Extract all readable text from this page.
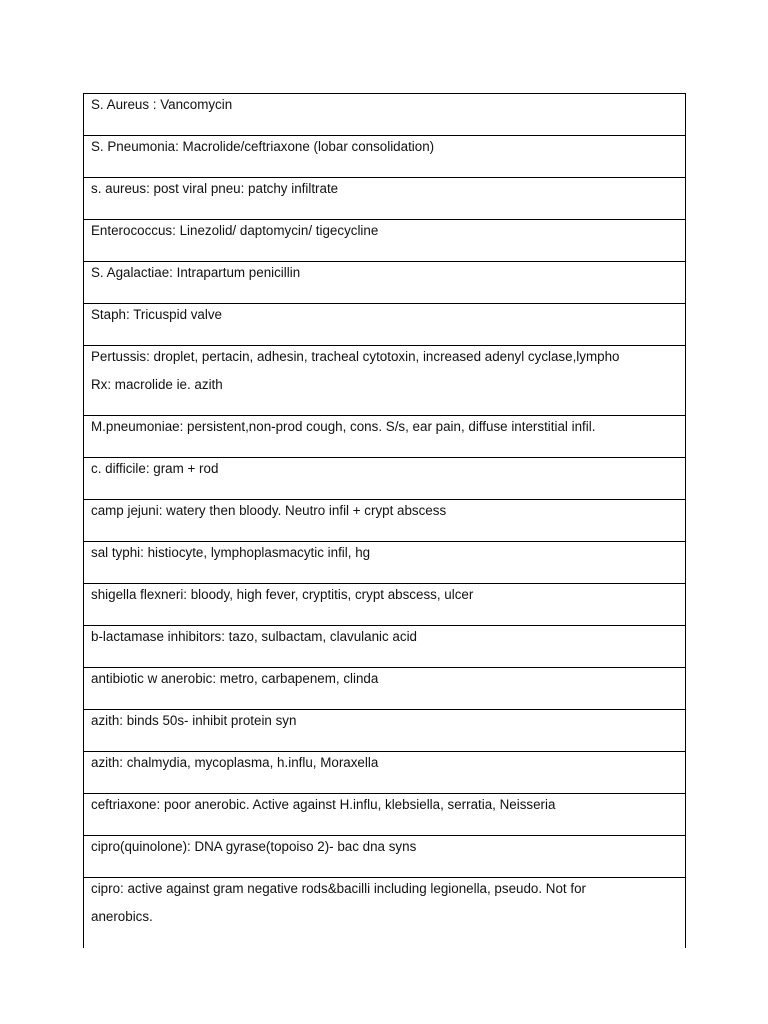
S. Aureus : Vancomycin
S. Pneumonia: Macrolide/ceftriaxone (lobar consolidation)
s. aureus: post viral pneu: patchy infiltrate
Enterococcus: Linezolid/ daptomycin/ tigecycline
S. Agalactiae: Intrapartum penicillin
Staph: Tricuspid valve
Pertussis: droplet, pertacin, adhesin, tracheal cytotoxin, increased adenyl cyclase,lympho
Rx: macrolide ie. azith
M.pneumoniae: persistent,non-prod cough, cons. S/s, ear pain, diffuse interstitial infil.
c. difficile: gram + rod
camp jejuni: watery then bloody. Neutro infil + crypt abscess
sal typhi: histiocyte, lymphoplasmacytic infil, hg
shigella flexneri: bloody, high fever, cryptitis, crypt abscess, ulcer
b-lactamase inhibitors: tazo, sulbactam, clavulanic acid
antibiotic w anerobic: metro, carbapenem, clinda
azith: binds 50s- inhibit protein syn
azith: chalmydia, mycoplasma, h.influ, Moraxella
ceftriaxone: poor anerobic. Active against H.influ, klebsiella, serratia, Neisseria
cipro(quinolone): DNA gyrase(topoiso 2)- bac dna syns
cipro: active against gram negative rods&bacilli including legionella, pseudo. Not for
anerobics.
